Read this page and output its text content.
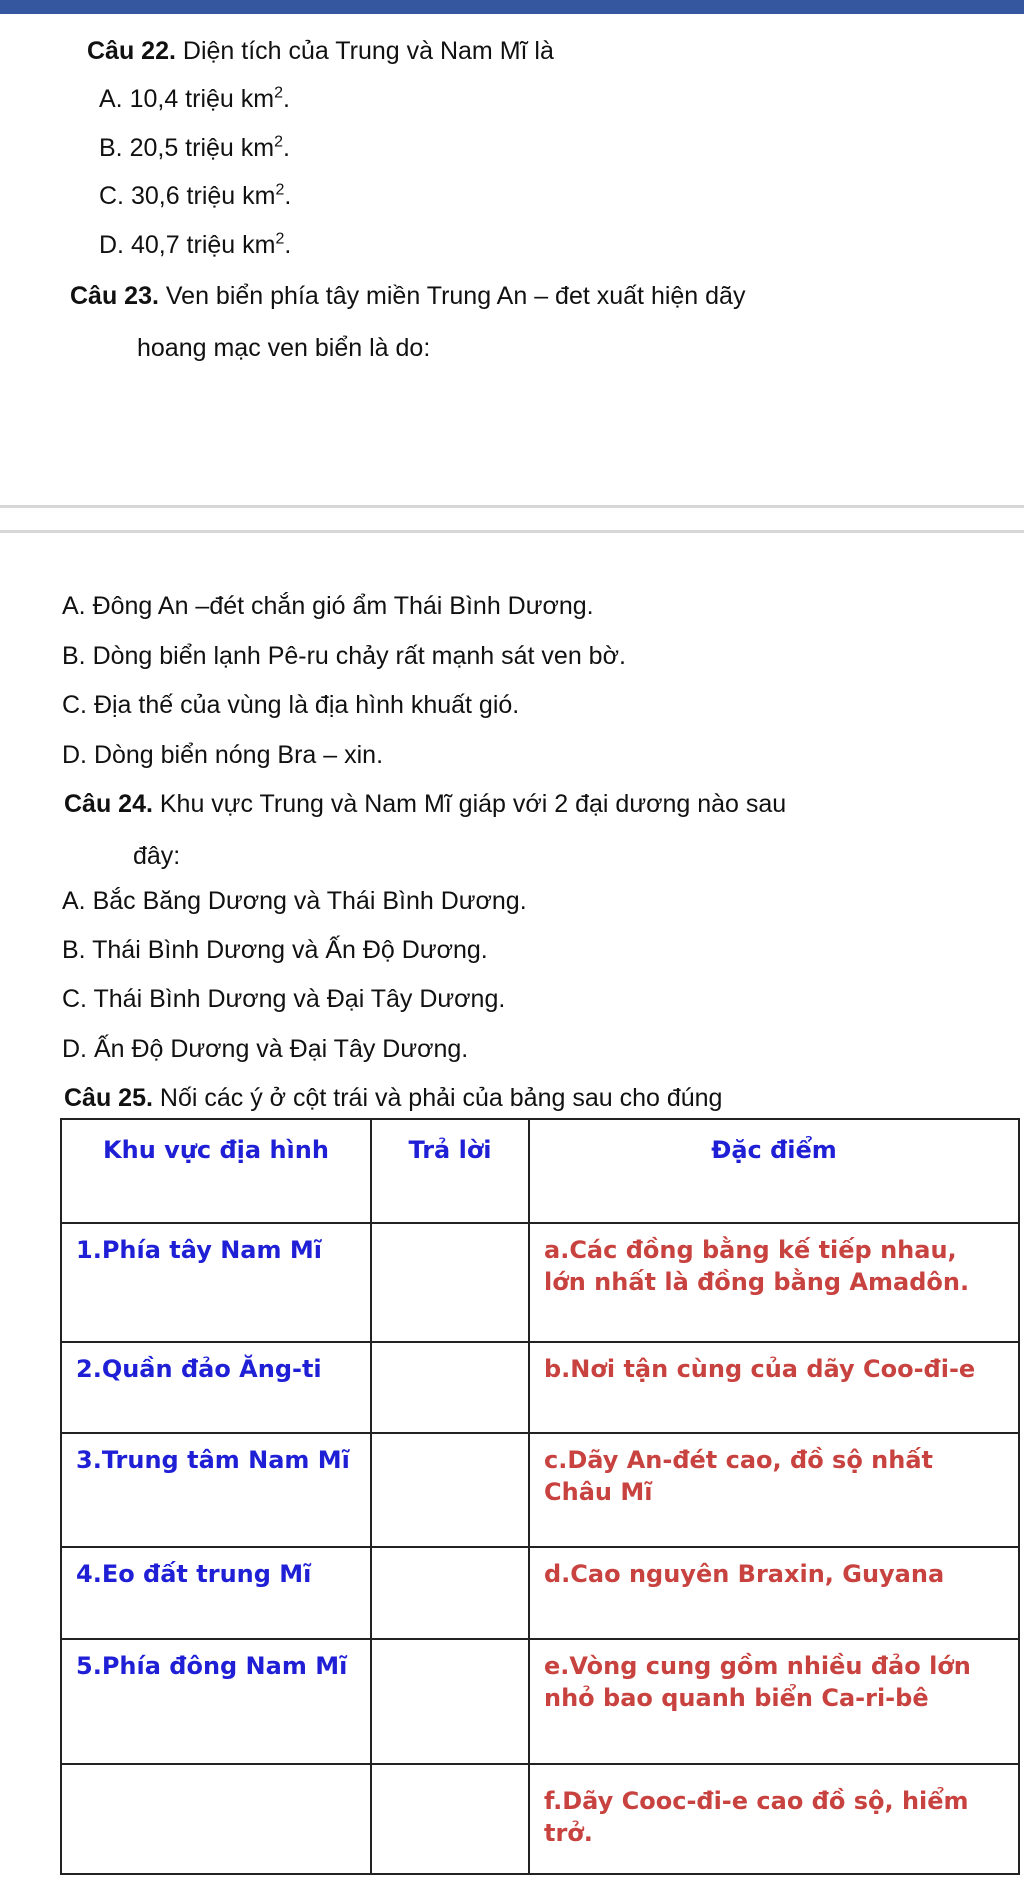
Câu 22. Diện tích của Trung và Nam Mĩ là
A. 10,4 triệu $km^2$.
B. 20,5 triệu $km^2$.
C. 30,6 triệu $km^2$.
D. 40,7 triệu $km^2$.
Câu 23. Ven biển phía tây miền Trung An – đet xuất hiện dãy
hoang mạc ven biển là do:
A. Đông An –đét chắn gió ẩm Thái Bình Dương.
B. Dòng biển lạnh Pê-ru chảy rất mạnh sát ven bờ.
C. Địa thế của vùng là địa hình khuất gió.
D. Dòng biển nóng Bra – xin.
Câu 24. Khu vực Trung và Nam Mĩ giáp với 2 đại dương nào sau
đây:
A. Bắc Băng Dương và Thái Bình Dương.
B. Thái Bình Dương và Ấn Độ Dương.
C. Thái Bình Dương và Đại Tây Dương.
D. Ấn Độ Dương và Đại Tây Dương.
Câu 25. Nối các ý ở cột trái và phải của bảng sau cho đúng
Khu vực địa hình	Trả lời	Đặc điểm
1.Phía tây Nam Mĩ		a.Các đồng bằng kế tiếp nhau, lớn nhất là đồng bằng Amadôn.
2.Quần đảo Ăng-ti		b.Nơi tận cùng của dãy Coo-đi-e
3.Trung tâm Nam Mĩ		c.Dãy An-đét cao, đồ sộ nhất Châu Mĩ
4.Eo đất trung Mĩ		d.Cao nguyên Braxin, Guyana
5.Phía đông Nam Mĩ		e.Vòng cung gồm nhiều đảo lớn nhỏ bao quanh biển Ca-ri-bê
		f.Dãy Cooc-đi-e cao đồ sộ, hiểm trở.
